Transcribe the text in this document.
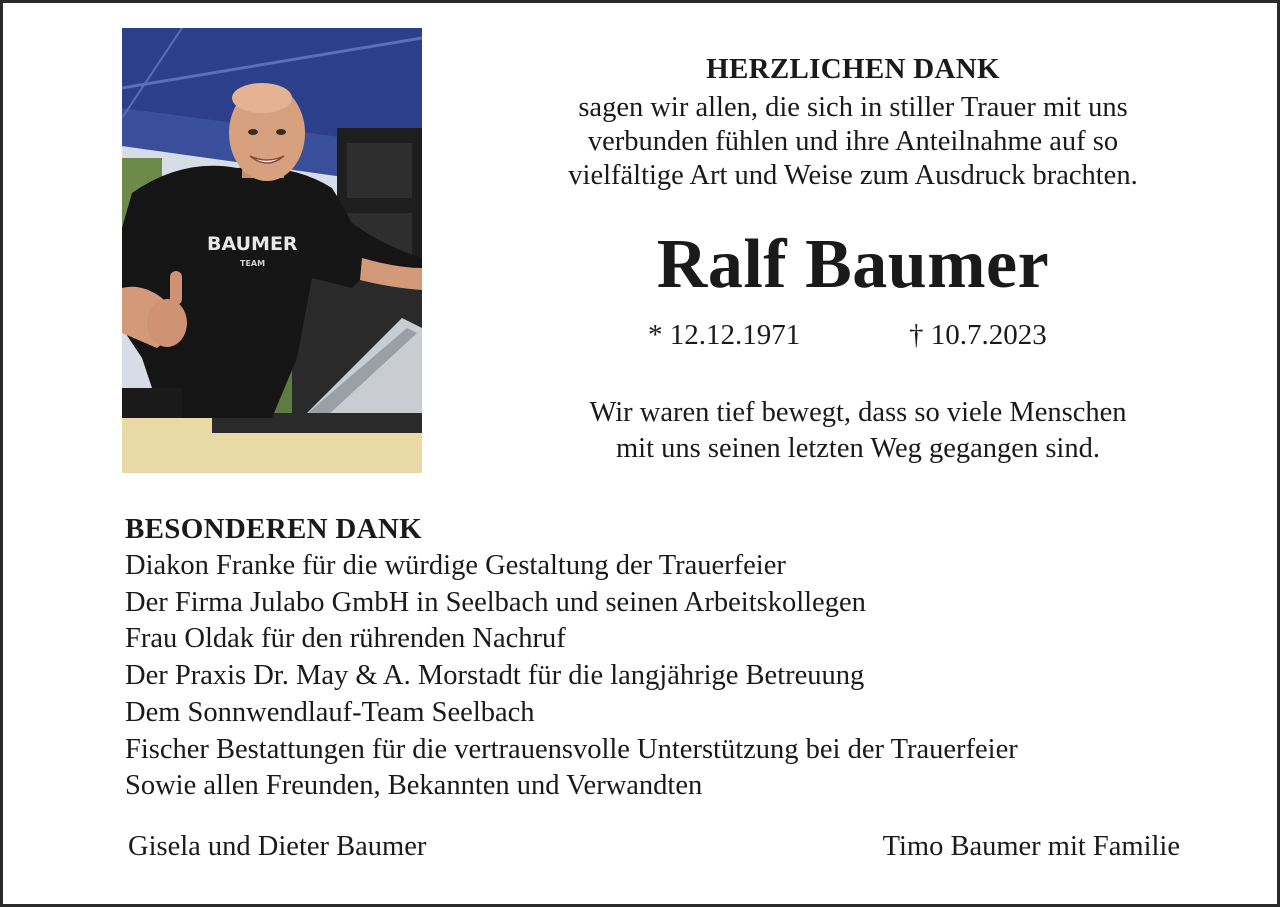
BAUMER
TEAM
HERZLICHEN DANK
sagen wir allen, die sich in stiller Trauer mit uns
verbunden fühlen und ihre Anteilnahme auf so
vielfältige Art und Weise zum Ausdruck brachten.
Ralf Baumer
* 12.12.1971	† 10.7.2023
Wir waren tief bewegt, dass so viele Menschen
mit uns seinen letzten Weg gegangen sind.
BESONDEREN DANK
Diakon Franke für die würdige Gestaltung der Trauerfeier
Der Firma Julabo GmbH in Seelbach und seinen Arbeitskollegen
Frau Oldak für den rührenden Nachruf
Der Praxis Dr. May & A. Morstadt für die langjährige Betreuung
Dem Sonnwendlauf-Team Seelbach
Fischer Bestattungen für die vertrauensvolle Unterstützung bei der Trauerfeier
Sowie allen Freunden, Bekannten und Verwandten
Gisela und Dieter Baumer	Timo Baumer mit Familie
